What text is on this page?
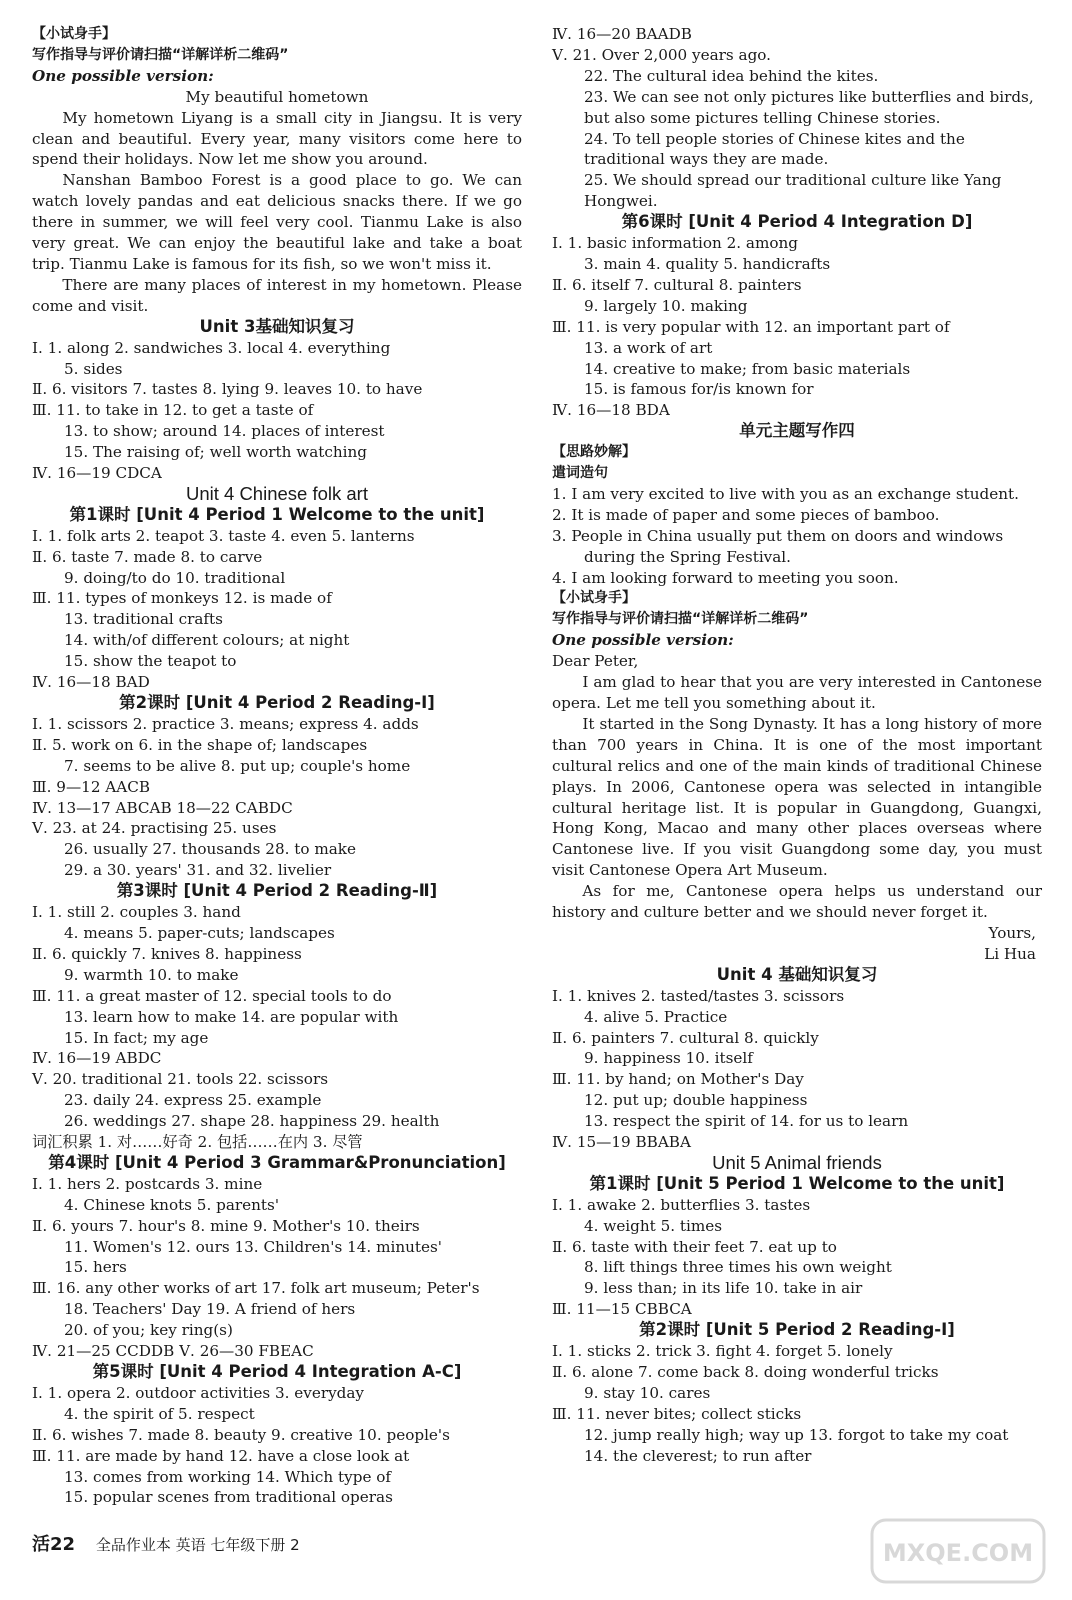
【小试身手】
写作指导与评价请扫描“详解详析二维码”
One possible version:
My beautiful hometown
My hometown Liyang is a small city in Jiangsu. It is very clean and beautiful. Every year, many visitors come here to spend their holidays. Now let me show you around.
Nanshan Bamboo Forest is a good place to go. We can watch lovely pandas and eat delicious snacks there. If we go there in summer, we will feel very cool. Tianmu Lake is also very great. We can enjoy the beautiful lake and take a boat trip. Tianmu Lake is famous for its fish, so we won't miss it.
There are many places of interest in my hometown. Please come and visit.
Unit 3基础知识复习
Ⅰ. 1. along 2. sandwiches 3. local 4. everything
5. sides
Ⅱ. 6. visitors 7. tastes 8. lying 9. leaves 10. to have
Ⅲ. 11. to take in 12. to get a taste of
13. to show; around 14. places of interest
15. The raising of; well worth watching
Ⅳ. 16—19 CDCA
Unit 4 Chinese folk art
第1课时 [Unit 4 Period 1 Welcome to the unit]
Ⅰ. 1. folk arts 2. teapot 3. taste 4. even 5. lanterns
Ⅱ. 6. taste 7. made 8. to carve
9. doing/to do 10. traditional
Ⅲ. 11. types of monkeys 12. is made of
13. traditional crafts
14. with/of different colours; at night
15. show the teapot to
Ⅳ. 16—18 BAD
第2课时 [Unit 4 Period 2 Reading-Ⅰ]
Ⅰ. 1. scissors 2. practice 3. means; express 4. adds
Ⅱ. 5. work on 6. in the shape of; landscapes
7. seems to be alive 8. put up; couple's home
Ⅲ. 9—12 AACB
Ⅳ. 13—17 ABCAB 18—22 CABDC
Ⅴ. 23. at 24. practising 25. uses
26. usually 27. thousands 28. to make
29. a 30. years' 31. and 32. livelier
第3课时 [Unit 4 Period 2 Reading-Ⅱ]
Ⅰ. 1. still 2. couples 3. hand
4. means 5. paper-cuts; landscapes
Ⅱ. 6. quickly 7. knives 8. happiness
9. warmth 10. to make
Ⅲ. 11. a great master of 12. special tools to do
13. learn how to make 14. are popular with
15. In fact; my age
Ⅳ. 16—19 ABDC
Ⅴ. 20. traditional 21. tools 22. scissors
23. daily 24. express 25. example
26. weddings 27. shape 28. happiness 29. health
词汇积累 1. 对……好奇 2. 包括……在内 3. 尽管
第4课时 [Unit 4 Period 3 Grammar&Pronunciation]
Ⅰ. 1. hers 2. postcards 3. mine
4. Chinese knots 5. parents'
Ⅱ. 6. yours 7. hour's 8. mine 9. Mother's 10. theirs
11. Women's 12. ours 13. Children's 14. minutes'
15. hers
Ⅲ. 16. any other works of art 17. folk art museum; Peter's
18. Teachers' Day 19. A friend of hers
20. of you; key ring(s)
Ⅳ. 21—25 CCDDB Ⅴ. 26—30 FBEAC
第5课时 [Unit 4 Period 4 Integration A-C]
Ⅰ. 1. opera 2. outdoor activities 3. everyday
4. the spirit of 5. respect
Ⅱ. 6. wishes 7. made 8. beauty 9. creative 10. people's
Ⅲ. 11. are made by hand 12. have a close look at
13. comes from working 14. Which type of
15. popular scenes from traditional operas
Ⅳ. 16—20 BAADB
Ⅴ. 21. Over 2,000 years ago.
22. The cultural idea behind the kites.
23. We can see not only pictures like butterflies and birds,
but also some pictures telling Chinese stories.
24. To tell people stories of Chinese kites and the
traditional ways they are made.
25. We should spread our traditional culture like Yang
Hongwei.
第6课时 [Unit 4 Period 4 Integration D]
Ⅰ. 1. basic information 2. among
3. main 4. quality 5. handicrafts
Ⅱ. 6. itself 7. cultural 8. painters
9. largely 10. making
Ⅲ. 11. is very popular with 12. an important part of
13. a work of art
14. creative to make; from basic materials
15. is famous for/is known for
Ⅳ. 16—18 BDA
单元主题写作四
【思路妙解】
遣词造句
1. I am very excited to live with you as an exchange student.
2. It is made of paper and some pieces of bamboo.
3. People in China usually put them on doors and windows
during the Spring Festival.
4. I am looking forward to meeting you soon.
【小试身手】
写作指导与评价请扫描“详解详析二维码”
One possible version:
Dear Peter,
I am glad to hear that you are very interested in Cantonese opera. Let me tell you something about it.
It started in the Song Dynasty. It has a long history of more than 700 years in China. It is one of the most important cultural relics and one of the main kinds of traditional Chinese plays. In 2006, Cantonese opera was selected in intangible cultural heritage list. It is popular in Guangdong, Guangxi, Hong Kong, Macao and many other places overseas where Cantonese live. If you visit Guangdong some day, you must visit Cantonese Opera Art Museum.
As for me, Cantonese opera helps us understand our history and culture better and we should never forget it.
Yours,
Li Hua
Unit 4 基础知识复习
Ⅰ. 1. knives 2. tasted/tastes 3. scissors
4. alive 5. Practice
Ⅱ. 6. painters 7. cultural 8. quickly
9. happiness 10. itself
Ⅲ. 11. by hand; on Mother's Day
12. put up; double happiness
13. respect the spirit of 14. for us to learn
Ⅳ. 15—19 BBABA
Unit 5 Animal friends
第1课时 [Unit 5 Period 1 Welcome to the unit]
Ⅰ. 1. awake 2. butterflies 3. tastes
4. weight 5. times
Ⅱ. 6. taste with their feet 7. eat up to
8. lift things three times his own weight
9. less than; in its life 10. take in air
Ⅲ. 11—15 CBBCA
第2课时 [Unit 5 Period 2 Reading-Ⅰ]
Ⅰ. 1. sticks 2. trick 3. fight 4. forget 5. lonely
Ⅱ. 6. alone 7. come back 8. doing wonderful tricks
9. stay 10. cares
Ⅲ. 11. never bites; collect sticks
12. jump really high; way up 13. forgot to take my coat
14. the cleverest; to run after
活22 全品作业本 英语 七年级下册 2	MXQE.COM
